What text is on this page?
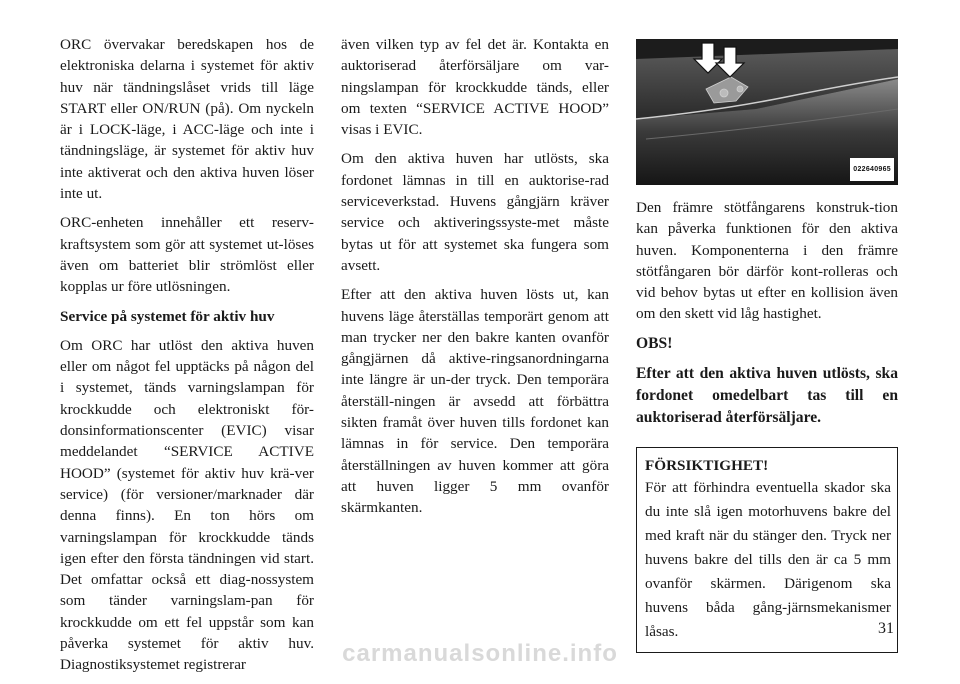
ORC övervakar beredskapen hos de elektroniska delarna i systemet för aktiv huv när tändningslåset vrids till läge START eller ON/RUN (på). Om nyckeln är i LOCK-läge, i ACC-läge och inte i tändningsläge, är systemet för aktiv huv inte aktiverat och den aktiva huven löser inte ut.

ORC-enheten innehåller ett reserv-kraftsystem som gör att systemet ut-löses även om batteriet blir strömlöst eller kopplas ur före utlösningen.

Service på systemet för aktiv huv

Om ORC har utlöst den aktiva huven eller om något fel upptäcks på någon del i systemet, tänds varningslampan för krockkudde och elektroniskt för-donsinformationscenter (EVIC) visar meddelandet “SERVICE ACTIVE HOOD” (systemet för aktiv huv krä-ver service) (för versioner/marknader där denna finns). En ton hörs om varningslampan för krockkudde tänds igen efter den första tändningen vid start. Det omfattar också ett diag-nossystem som tänder varningslam-pan för krockkudde om ett fel uppstår som kan påverka systemet för aktiv huv. Diagnostiksystemet registrerar

även vilken typ av fel det är. Kontakta en auktoriserad återförsäljare om var-ningslampan för krockkudde tänds, eller om texten “SERVICE ACTIVE HOOD” visas i EVIC.

Om den aktiva huven har utlösts, ska fordonet lämnas in till en auktorise-rad serviceverkstad. Huvens gångjärn kräver service och aktiveringssyste-met måste bytas ut för att systemet ska fungera som avsett.

Efter att den aktiva huven lösts ut, kan huvens läge återställas temporärt genom att man trycker ner den bakre kanten ovanför gångjärnen då aktive-ringsanordningarna inte längre är un-der tryck. Den temporära återställ-ningen är avsedd att förbättra sikten framåt över huven tills fordonet kan lämnas in för service. Den temporära återställningen av huven kommer att göra att huven ligger 5 mm ovanför skärmkanten.

022640965

Den främre stötfångarens konstruk-tion kan påverka funktionen för den aktiva huven. Komponenterna i den främre stötfångaren bör därför kont-rolleras och vid behov bytas ut efter en kollision även om den skett vid låg hastighet.

OBS!

Efter att den aktiva huven utlösts, ska fordonet omedelbart tas till en auktoriserad återförsäljare.

FÖRSIKTIGHET!

För att förhindra eventuella skador ska du inte slå igen motorhuvens bakre del med kraft när du stänger den. Tryck ner huvens bakre del tills den är ca 5 mm ovanför skärmen. Därigenom ska huvens båda gång-järnsmekanismer låsas.	31
carmanualsonline.info
